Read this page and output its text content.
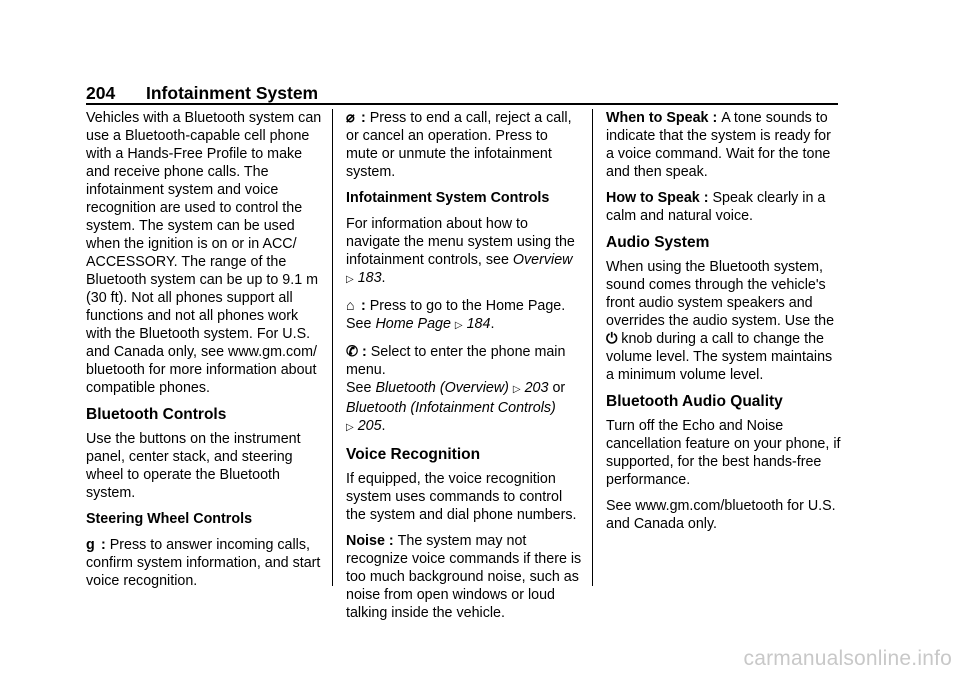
204	Infotainment System

Vehicles with a Bluetooth system can use a Bluetooth-capable cell phone with a Hands-Free Profile to make and receive phone calls. The infotainment system and voice recognition are used to control the system. The system can be used when the ignition is on or in ACC/ ACCESSORY. The range of the Bluetooth system can be up to 9.1 m (30 ft). Not all phones support all functions and not all phones work with the Bluetooth system. For U.S. and Canada only, see www.gm.com/ bluetooth for more information about compatible phones.

Bluetooth Controls

Use the buttons on the instrument panel, center stack, and steering wheel to operate the Bluetooth system.

Steering Wheel Controls

g : Press to answer incoming calls, confirm system information, and start voice recognition.

⌀ : Press to end a call, reject a call, or cancel an operation. Press to mute or unmute the infotainment system.

Infotainment System Controls

For information about how to navigate the menu system using the infotainment controls, see Overview ▷ 183.

⌂ : Press to go to the Home Page. See Home Page ▷ 184.

✆ : Select to enter the phone main menu.
See Bluetooth (Overview) ▷ 203 or Bluetooth (Infotainment Controls)
▷ 205.

Voice Recognition

If equipped, the voice recognition system uses commands to control the system and dial phone numbers.

Noise : The system may not recognize voice commands if there is too much background noise, such as noise from open windows or loud talking inside the vehicle.

When to Speak : A tone sounds to indicate that the system is ready for a voice command. Wait for the tone and then speak.

How to Speak : Speak clearly in a calm and natural voice.

Audio System

When using the Bluetooth system, sound comes through the vehicle's front audio system speakers and overrides the audio system. Use the
⏻ knob during a call to change the volume level. The system maintains a minimum volume level.

Bluetooth Audio Quality

Turn off the Echo and Noise cancellation feature on your phone, if supported, for the best hands-free performance.

See www.gm.com/bluetooth for U.S. and Canada only.

carmanualsonline.info
